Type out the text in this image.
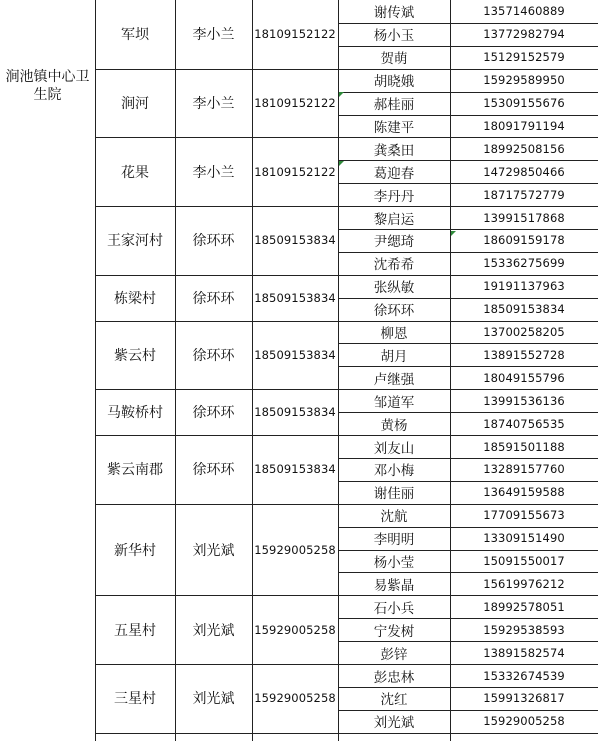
涧池镇中心卫生院
军坝	李小兰	18109152122
谢传斌	13571460889
杨小玉	13772982794
贺萌	15129152579
涧河	李小兰	18109152122
胡晓娥	15929589950
郝桂丽	15309155676
陈建平	18091791194
花果	李小兰	18109152122
龚桑田	18992508156
葛迎春	14729850466
李丹丹	18717572779
王家河村	徐环环	18509153834
黎启运	13991517868
尹缌琦	18609159178
沈希希	15336275699
栋梁村	徐环环	18509153834
张纵敏	19191137963
徐环环	18509153834
紫云村	徐环环	18509153834
柳恩	13700258205
胡月	13891552728
卢继强	18049155796
马鞍桥村	徐环环	18509153834
邹道军	13991536136
黄杨	18740756535
紫云南郡	徐环环	18509153834
刘友山	18591501188
邓小梅	13289157760
谢佳丽	13649159588
新华村	刘光斌	15929005258
沈航	17709155673
李明明	13309151490
杨小莹	15091550017
易紫晶	15619976212
五星村	刘光斌	15929005258
石小兵	18992578051
宁发树	15929538593
彭锌	13891582574
三星村	刘光斌	15929005258
彭忠林	15332674539
沈红	15991326817
刘光斌	15929005258
